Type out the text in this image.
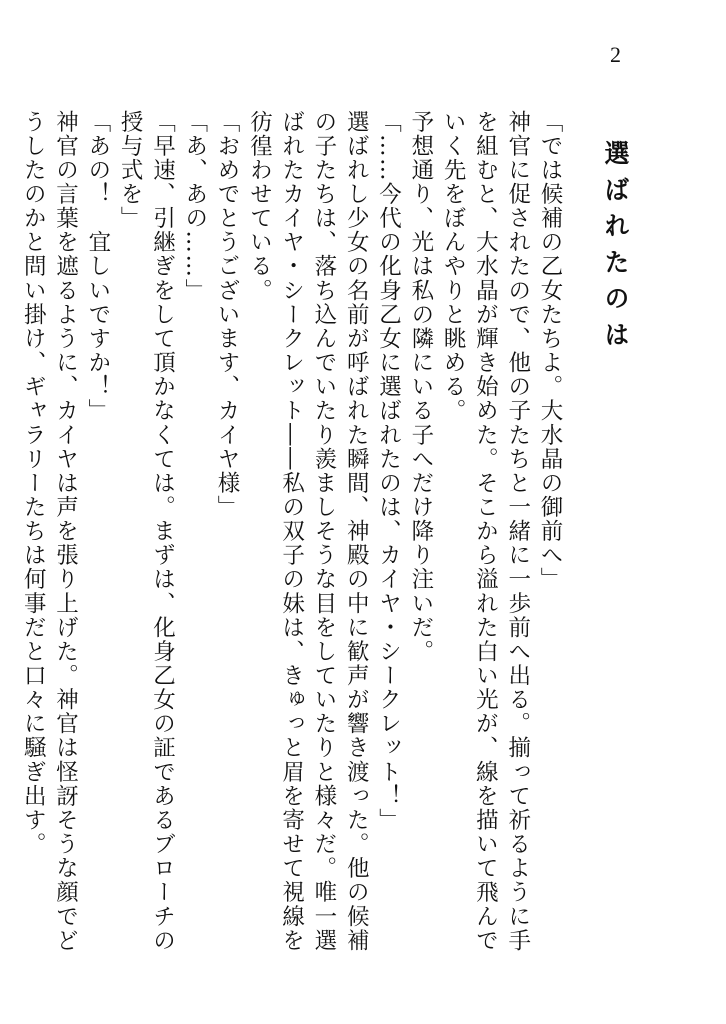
2
選ばれたのは

「では候補の乙女たちよ。大水晶の御前へ」

神官に促されたので、他の子たちと一緒に一歩前へ出る。揃って祈るように手を組むと、大水晶が輝き始めた。そこから溢れた白い光が、線を描いて飛んでいく先をぼんやりと眺める。

予想通り、光は私の隣にいる子へだけ降り注いだ。

「……今代の化身乙女に選ばれたのは、カイヤ・シークレット！」

選ばれし少女の名前が呼ばれた瞬間、神殿の中に歓声が響き渡った。他の候補の子たちは、落ち込んでいたり羨ましそうな目をしていたりと様々だ。唯一選ばれたカイヤ・シークレット――私の双子の妹は、きゅっと眉を寄せて視線を彷徨わせている。

「おめでとうございます、カイヤ様」

「あ、あの……」

「早速、引継ぎをして頂かなくては。まずは、化身乙女の証であるブローチの授与式を」

「あの！　宜しいですか！」

神官の言葉を遮るように、カイヤは声を張り上げた。神官は怪訝そうな顔でどうしたのかと問い掛け、ギャラリーたちは何事だと口々に騒ぎ出す。
